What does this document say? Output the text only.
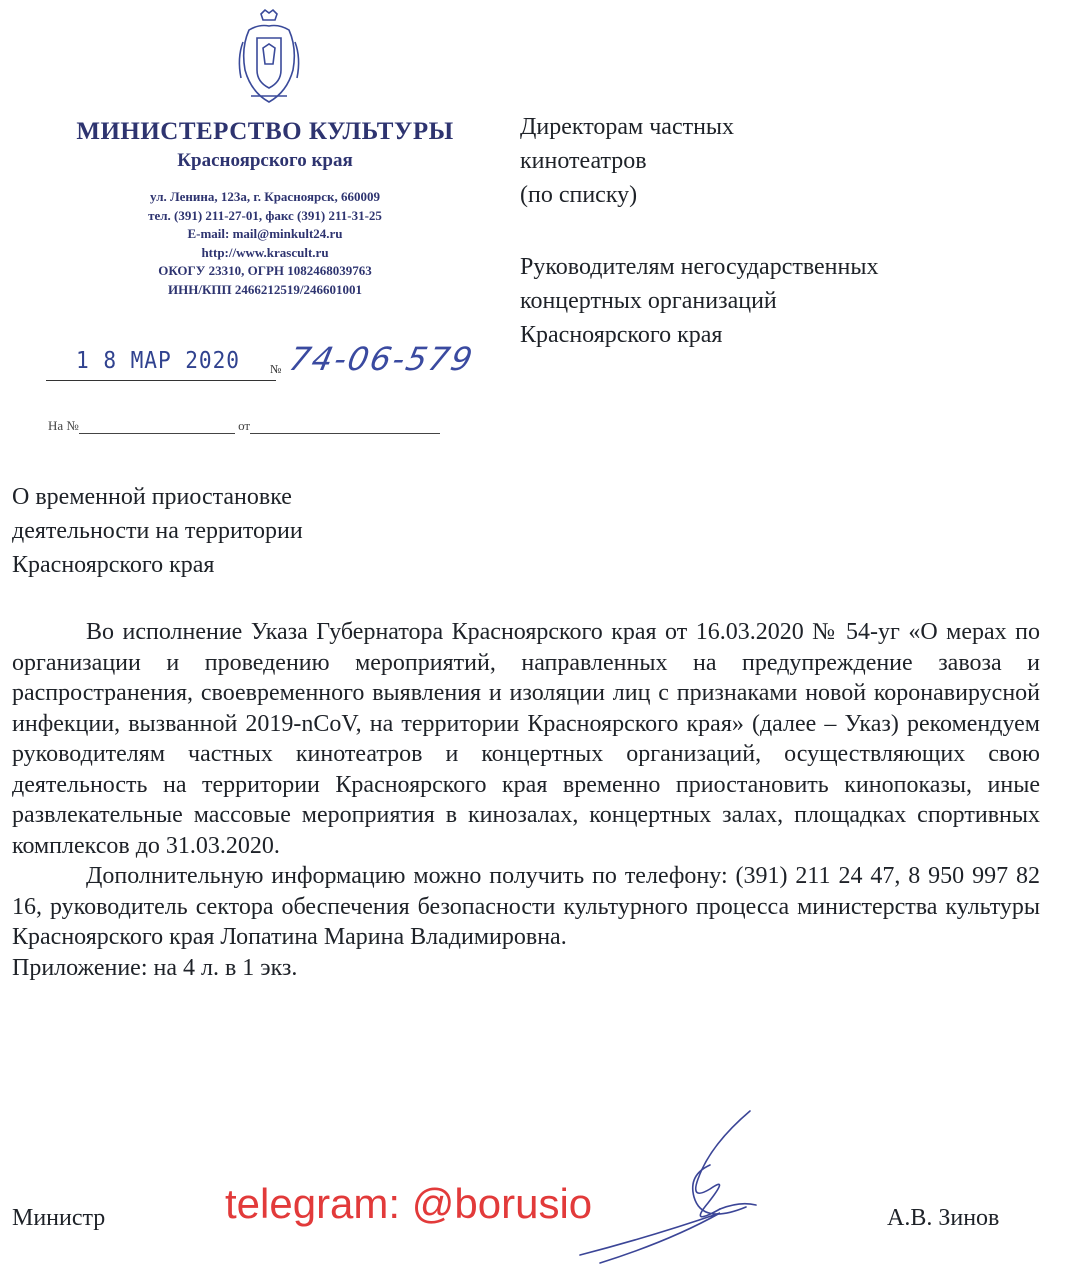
МИНИСТЕРСТВО КУЛЬТУРЫ
Красноярского края
ул. Ленина, 123а, г. Красноярск, 660009
тел. (391) 211-27-01, факс (391) 211-31-25
E-mail: mail@minkult24.ru
http://www.krascult.ru
ОКОГУ 23310, ОГРН 1082468039763
ИНН/КПП 2466212519/246601001
Директорам частных
кинотеатров
(по списку)
Руководителям негосударственных
концертных организаций
Красноярского края
1 8 МАР 2020	№ 74-06-579
На №	от
О временной приостановке
деятельности на территории
Красноярского края

Во исполнение Указа Губернатора Красноярского края от 16.03.2020 № 54-уг «О мерах по организации и проведению мероприятий, направленных на предупреждение завоза и распространения, своевременного выявления и изоляции лиц с признаками новой коронавирусной инфекции, вызванной 2019-nCoV, на территории Красноярского края» (далее – Указ) рекомендуем руководителям частных кинотеатров и концертных организаций, осуществляющих свою деятельность на территории Красноярского края временно приостановить кинопоказы, иные развлекательные массовые мероприятия в кинозалах, концертных залах, площадках спортивных комплексов до 31.03.2020.

Дополнительную информацию можно получить по телефону: (391) 211 24 47, 8 950 997 82 16, руководитель сектора обеспечения безопасности культурного процесса министерства культуры Красноярского края Лопатина Марина Владимировна.

Приложение: на 4 л. в 1 экз.

Министр	telegram: @borusio	А.В. Зинов
